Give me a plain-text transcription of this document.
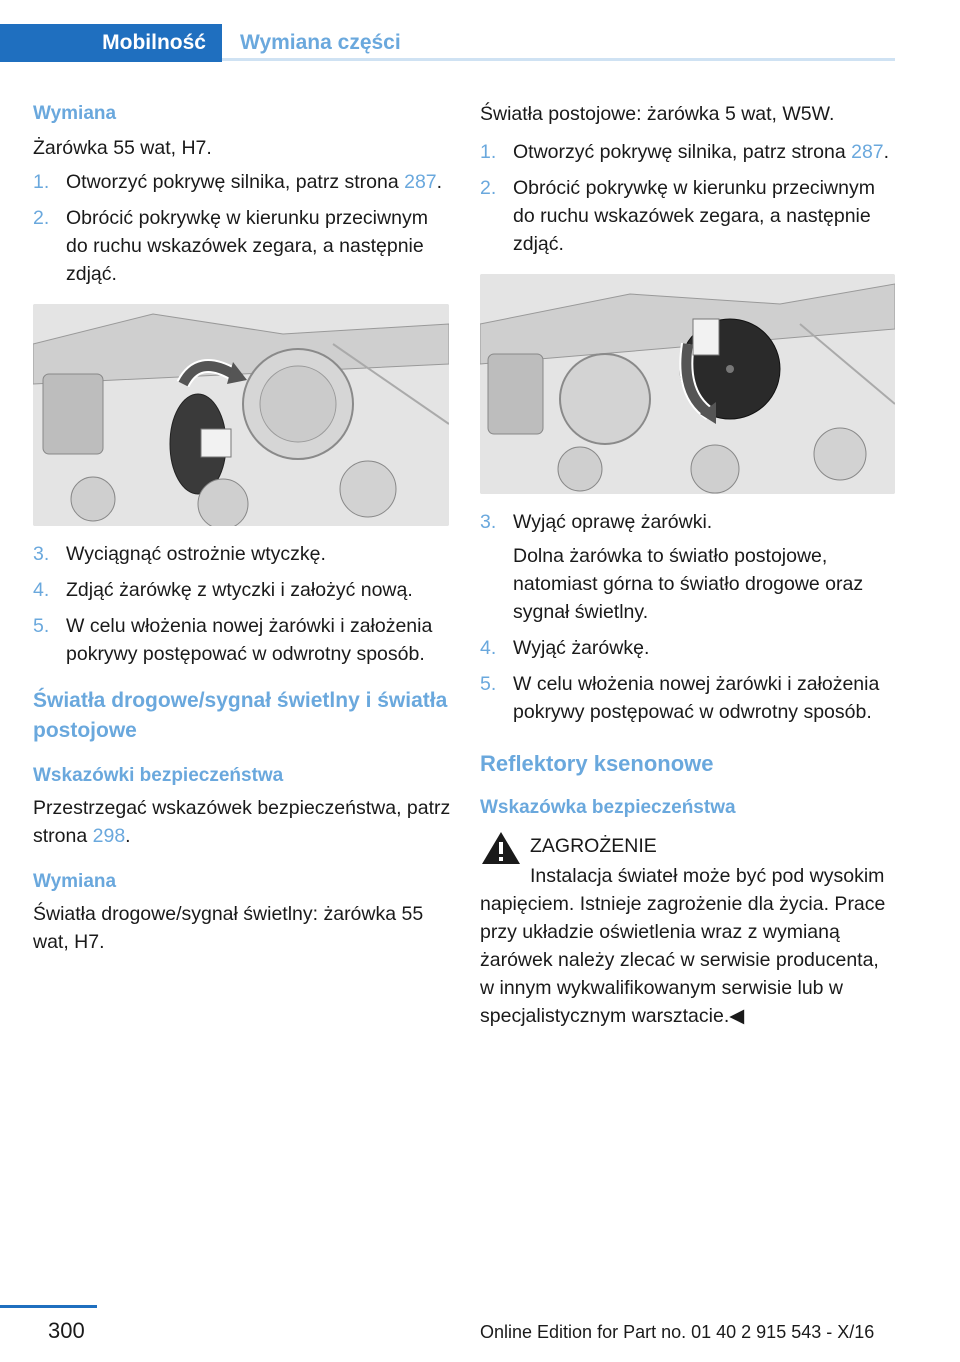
Mobilność	Wymiana części
Wymiana

Żarówka 55 wat, H7.

1. Otworzyć pokrywę silnika, patrz strona 287.
2. Obrócić pokrywkę w kierunku przeciwnym do ruchu wskazówek zegara, a następnie zdjąć.
3. Wyciągnąć ostrożnie wtyczkę.
4. Zdjąć żarówkę z wtyczki i założyć nową.
5. W celu włożenia nowej żarówki i założenia pokrywy postępować w odwrotny sposób.
Światła drogowe/sygnał świetlny i światła postojowe
Wskazówki bezpieczeństwa

Przestrzegać wskazówek bezpieczeństwa, patrz strona 298.

Wymiana

Światła drogowe/sygnał świetlny: żarówka 55 wat, H7.

Światła postojowe: żarówka 5 wat, W5W.

1. Otworzyć pokrywę silnika, patrz strona 287.
2. Obrócić pokrywkę w kierunku przeciwnym do ruchu wskazówek zegara, a następnie zdjąć.
3. Wyjąć oprawę żarówki.

Dolna żarówka to światło postojowe, natomiast górna to światło drogowe oraz sygnał świetlny.

4. Wyjąć żarówkę.
5. W celu włożenia nowej żarówki i założenia pokrywy postępować w odwrotny sposób.
Reflektory ksenonowe
Wskazówka bezpieczeństwa
ZAGROŻENIE

Instalacja świateł może być pod wysokim napięciem. Istnieje zagrożenie dla życia. Prace przy układzie oświetlenia wraz z wymianą żarówek należy zlecać w serwisie producenta, w innym wykwalifikowanym serwisie lub w specjalistycznym warsztacie.◀

300	Online Edition for Part no. 01 40 2 915 543 - X/16
